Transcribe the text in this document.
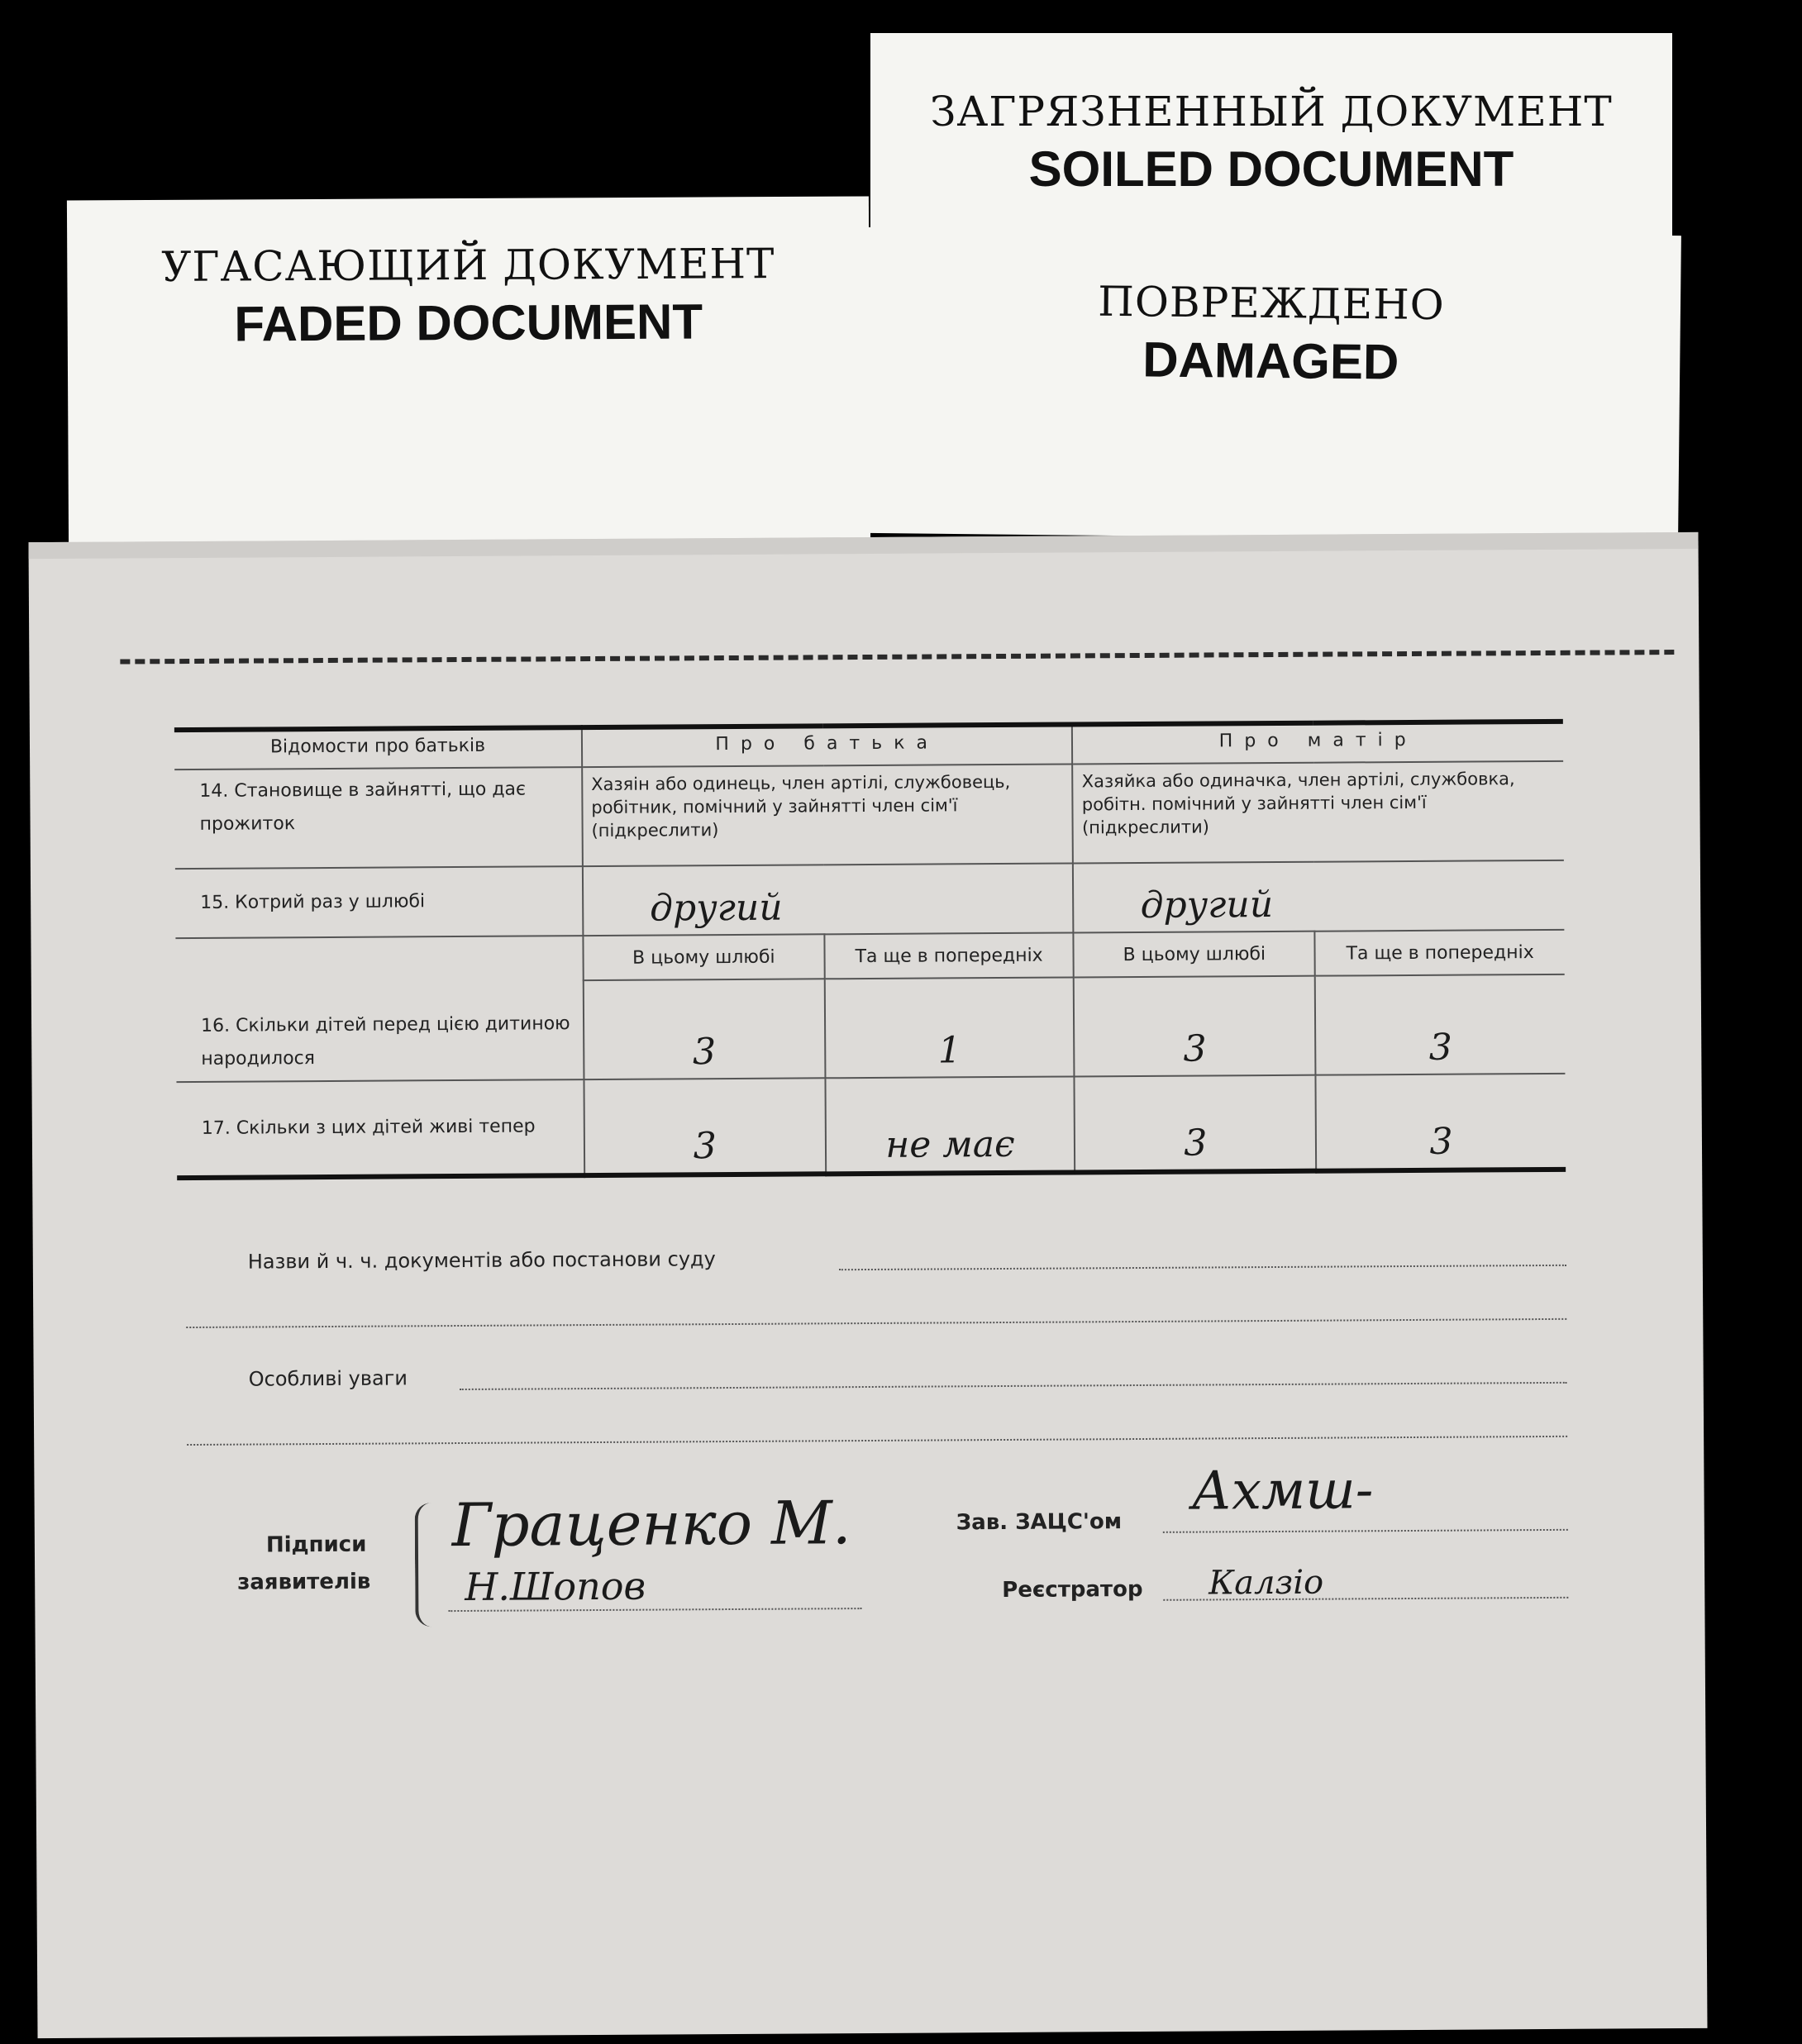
ЗАГРЯЗНЕННЫЙ ДОКУМЕНТ
SOILED DOCUMENT
УГАСАЮЩИЙ ДОКУМЕНТ
FADED DOCUMENT	ПОВРЕЖДЕНО
DAMAGED
Відомости про батьків	Про батька		Про матір	
14. Становище в зайнятті, що дає прожиток	Хазяін або одинець, член артілі, службовець, робітник, помічний у зайнятті член сім'ї (підкреслити)		Хазяйка або одиначка, член артілі, службовка, робітн. помічний у зайнятті член сім'ї (підкреслити)	
15. Котрий раз у шлюбі	другий		другий	
16. Скільки дітей перед цією дитиною народилося	В цьому шлюбі	Та ще в попередніх	В цьому шлюбі	Та ще в попередніх
	3	1	3	3
17. Скільки з цих дітей живі тепер	3	не має	3	3
Назви й ч. ч. документів або постанови суду
Особливі уваги
Підписи
заявителів
Граценко М.
Н.Шопов
Зав. ЗАЦС'ом
Ахмш-
Реєстратор Калзіо
